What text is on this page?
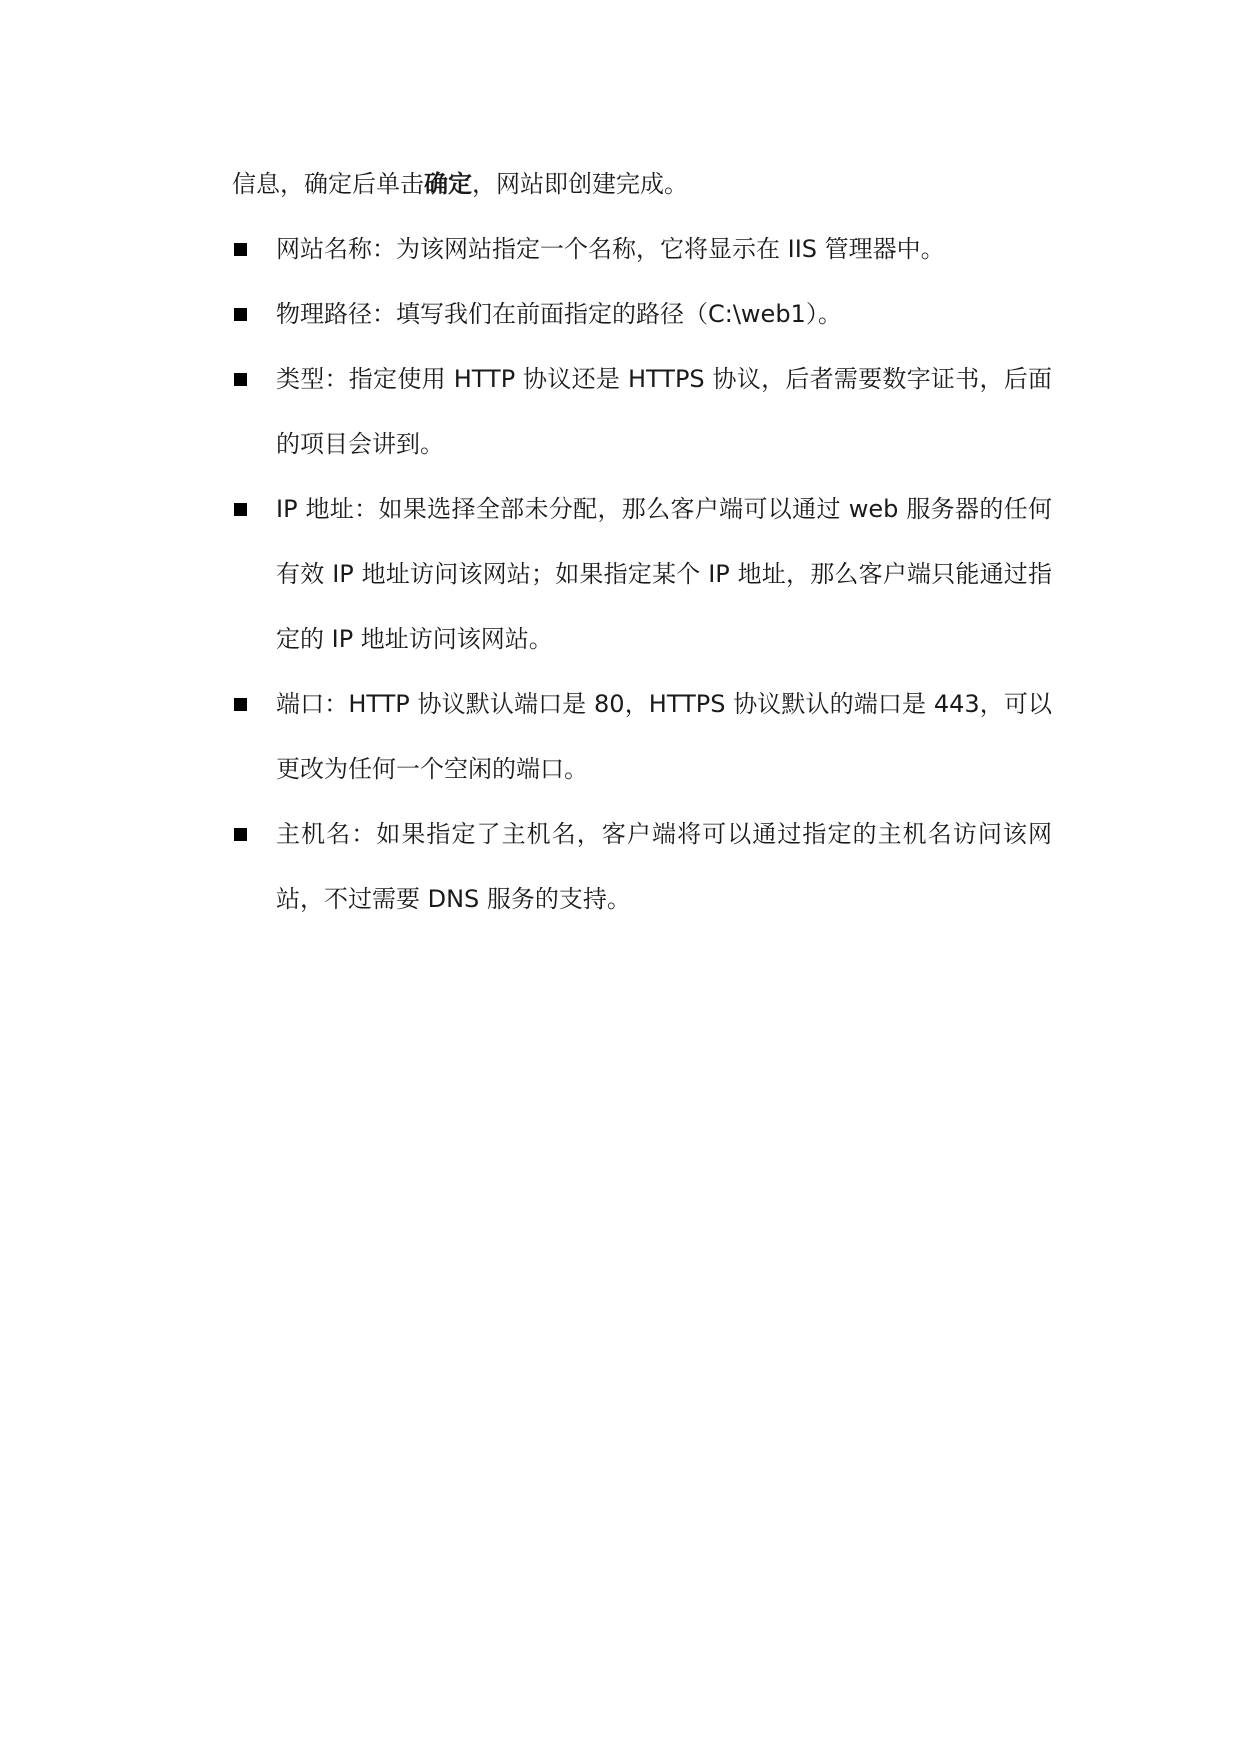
信息，确定后单击确定，网站即创建完成。

网站名称：为该网站指定一个名称，它将显示在 IIS 管理器中。
物理路径：填写我们在前面指定的路径（C:\web1）。
类型：指定使用 HTTP 协议还是 HTTPS 协议，后者需要数字证书，后面的项目会讲到。
IP 地址：如果选择全部未分配，那么客户端可以通过 web 服务器的任何有效 IP 地址访问该网站；如果指定某个 IP 地址，那么客户端只能通过指定的 IP 地址访问该网站。
端口：HTTP 协议默认端口是 80，HTTPS 协议默认的端口是 443，可以更改为任何一个空闲的端口。
主机名：如果指定了主机名，客户端将可以通过指定的主机名访问该网站，不过需要 DNS 服务的支持。
